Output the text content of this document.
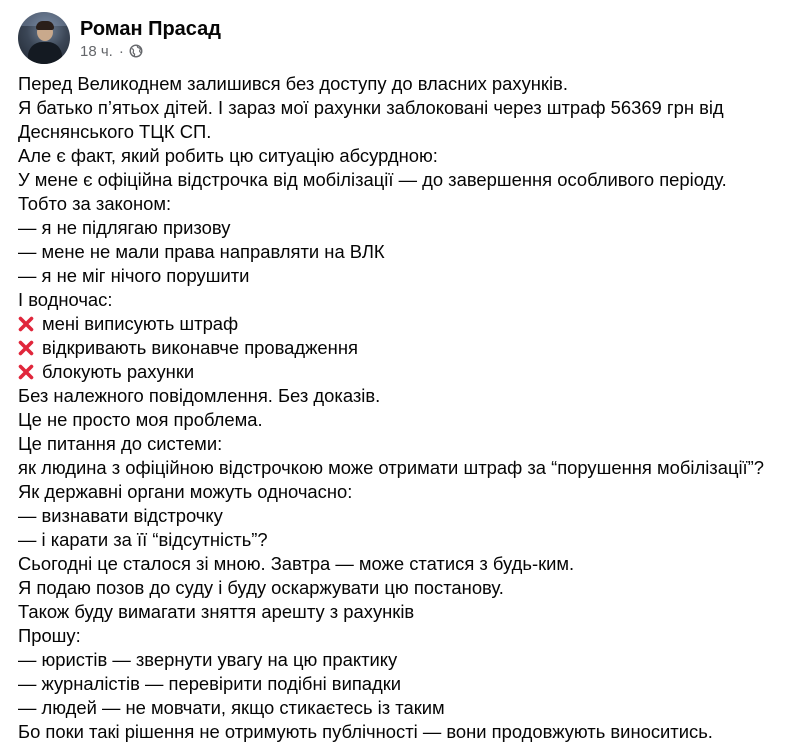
Роман Прасад
18 ч. ·
Перед Великоднем залишився без доступу до власних рахунків.
Я батько п’ятьох дітей. І зараз мої рахунки заблоковані через штраф 56369 грн від
Деснянського ТЦК СП.
Але є факт, який робить цю ситуацію абсурдною:
У мене є офіційна відстрочка від мобілізації — до завершення особливого періоду.
Тобто за законом:
— я не підлягаю призову
— мене не мали права направляти на ВЛК
— я не міг нічого порушити
І водночас:
мені виписують штраф
відкривають виконавче провадження
блокують рахунки
Без належного повідомлення. Без доказів.
Це не просто моя проблема.
Це питання до системи:
як людина з офіційною відстрочкою може отримати штраф за “порушення мобілізації”?
Як державні органи можуть одночасно:
— визнавати відстрочку
— і карати за її “відсутність”?
Сьогодні це сталося зі мною. Завтра — може статися з будь-ким.
Я подаю позов до суду і буду оскаржувати цю постанову.
Також буду вимагати зняття арешту з рахунків
Прошу:
— юристів — звернути увагу на цю практику
— журналістів — перевірити подібні випадки
— людей — не мовчати, якщо стикаєтесь із таким
Бо поки такі рішення не отримують публічності — вони продовжують виноситись.
